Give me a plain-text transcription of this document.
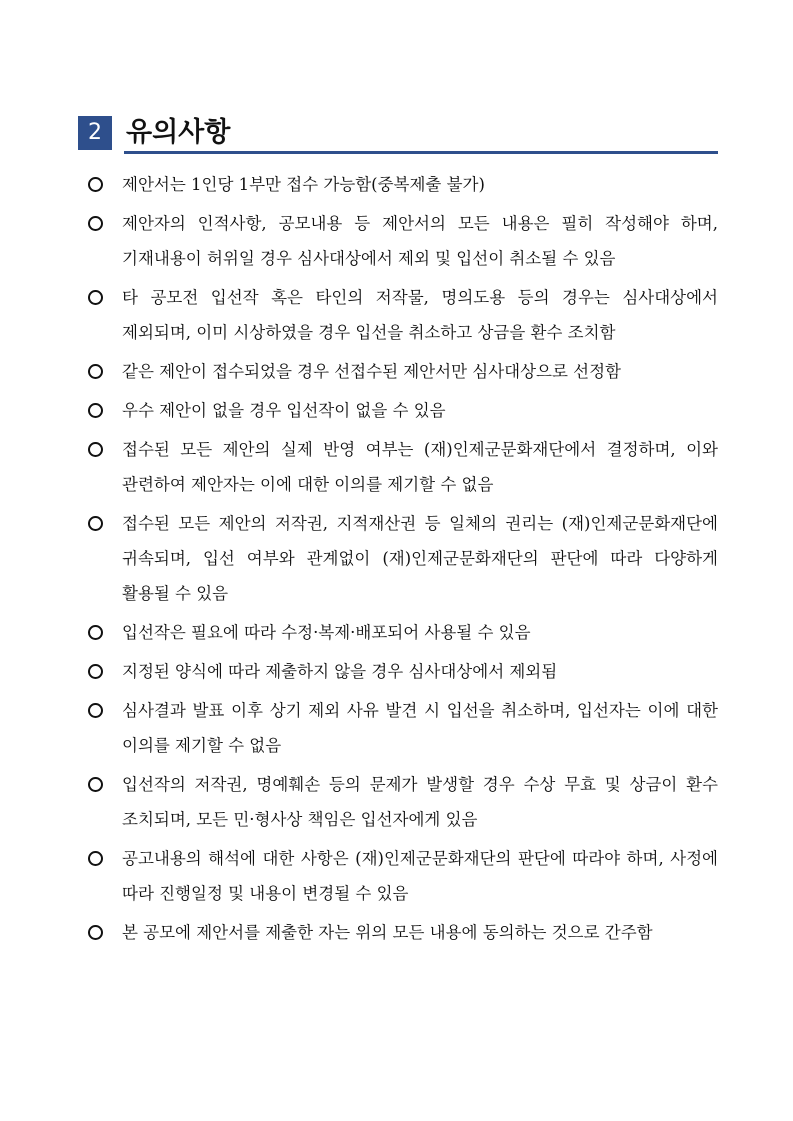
2 유의사항
제안서는 1인당 1부만 접수 가능함(중복제출 불가)
제안자의 인적사항, 공모내용 등 제안서의 모든 내용은 필히 작성해야 하며, 기재내용이 허위일 경우 심사대상에서 제외 및 입선이 취소될 수 있음
타 공모전 입선작 혹은 타인의 저작물, 명의도용 등의 경우는 심사대상에서 제외되며, 이미 시상하였을 경우 입선을 취소하고 상금을 환수 조치함
같은 제안이 접수되었을 경우 선접수된 제안서만 심사대상으로 선정함
우수 제안이 없을 경우 입선작이 없을 수 있음
접수된 모든 제안의 실제 반영 여부는 (재)인제군문화재단에서 결정하며, 이와 관련하여 제안자는 이에 대한 이의를 제기할 수 없음
접수된 모든 제안의 저작권, 지적재산권 등 일체의 권리는 (재)인제군문화재단에 귀속되며, 입선 여부와 관계없이 (재)인제군문화재단의 판단에 따라 다양하게 활용될 수 있음
입선작은 필요에 따라 수정·복제·배포되어 사용될 수 있음
지정된 양식에 따라 제출하지 않을 경우 심사대상에서 제외됨
심사결과 발표 이후 상기 제외 사유 발견 시 입선을 취소하며, 입선자는 이에 대한 이의를 제기할 수 없음
입선작의 저작권, 명예훼손 등의 문제가 발생할 경우 수상 무효 및 상금이 환수 조치되며, 모든 민·형사상 책임은 입선자에게 있음
공고내용의 해석에 대한 사항은 (재)인제군문화재단의 판단에 따라야 하며, 사정에 따라 진행일정 및 내용이 변경될 수 있음
본 공모에 제안서를 제출한 자는 위의 모든 내용에 동의하는 것으로 간주함
